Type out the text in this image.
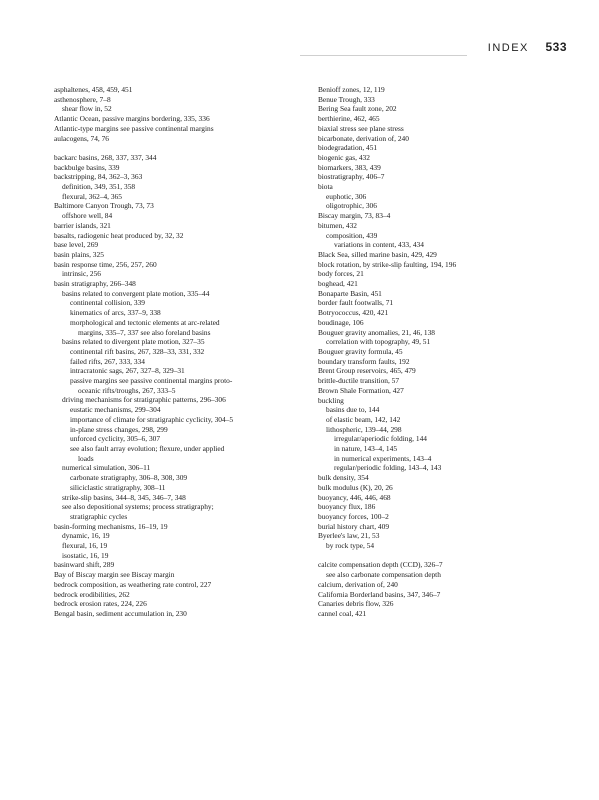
INDEX 533
asphaltenes, 458, 459, 451
asthenosphere, 7–8
shear flow in, 52
Atlantic Ocean, passive margins bordering, 335, 336
Atlantic-type margins see passive continental margins
aulacogens, 74, 76
backarc basins, 268, 337, 337, 344
backbulge basins, 339
backstripping, 84, 362–3, 363
definition, 349, 351, 358
flexural, 362–4, 365
Baltimore Canyon Trough, 73, 73
offshore well, 84
barrier islands, 321
basalts, radiogenic heat produced by, 32, 32
base level, 269
basin plains, 325
basin response time, 256, 257, 260
intrinsic, 256
basin stratigraphy, 266–348
basins related to convergent plate motion, 335–44
continental collision, 339
kinematics of arcs, 337–9, 338
morphological and tectonic elements at arc-related
margins, 335–7, 337 see also foreland basins
basins related to divergent plate motion, 327–35
continental rift basins, 267, 328–33, 331, 332
failed rifts, 267, 333, 334
intracratonic sags, 267, 327–8, 329–31
passive margins see passive continental margins proto-
oceanic rifts/troughs, 267, 333–5
driving mechanisms for stratigraphic patterns, 296–306
eustatic mechanisms, 299–304
importance of climate for stratigraphic cyclicity, 304–5
in-plane stress changes, 298, 299
unforced cyclicity, 305–6, 307
see also fault array evolution; flexure, under applied
loads
numerical simulation, 306–11
carbonate stratigraphy, 306–8, 308, 309
siliciclastic stratigraphy, 308–11
strike-slip basins, 344–8, 345, 346–7, 348
see also depositional systems; process stratigraphy;
stratigraphic cycles
basin-forming mechanisms, 16–19, 19
dynamic, 16, 19
flexural, 16, 19
isostatic, 16, 19
basinward shift, 289
Bay of Biscay margin see Biscay margin
bedrock composition, as weathering rate control, 227
bedrock erodibilities, 262
bedrock erosion rates, 224, 226
Bengal basin, sediment accumulation in, 230
Benioff zones, 12, 119
Benue Trough, 333
Bering Sea fault zone, 202
berthierine, 462, 465
biaxial stress see plane stress
bicarbonate, derivation of, 240
biodegradation, 451
biogenic gas, 432
biomarkers, 383, 439
biostratigraphy, 406–7
biota
euphotic, 306
oligotrophic, 306
Biscay margin, 73, 83–4
bitumen, 432
composition, 439
variations in content, 433, 434
Black Sea, silled marine basin, 429, 429
block rotation, by strike-slip faulting, 194, 196
body forces, 21
boghead, 421
Bonaparte Basin, 451
border fault footwalls, 71
Botryococcus, 420, 421
boudinage, 106
Bouguer gravity anomalies, 21, 46, 138
correlation with topography, 49, 51
Bouguer gravity formula, 45
boundary transform faults, 192
Brent Group reservoirs, 465, 479
brittle-ductile transition, 57
Brown Shale Formation, 427
buckling
basins due to, 144
of elastic beam, 142, 142
lithospheric, 139–44, 298
irregular/aperiodic folding, 144
in nature, 143–4, 145
in numerical experiments, 143–4
regular/periodic folding, 143–4, 143
bulk density, 354
bulk modulus (K), 20, 26
buoyancy, 446, 446, 468
buoyancy flux, 186
buoyancy forces, 100–2
burial history chart, 409
Byerlee's law, 21, 53
by rock type, 54
calcite compensation depth (CCD), 326–7
see also carbonate compensation depth
calcium, derivation of, 240
California Borderland basins, 347, 346–7
Canaries debris flow, 326
cannel coal, 421
